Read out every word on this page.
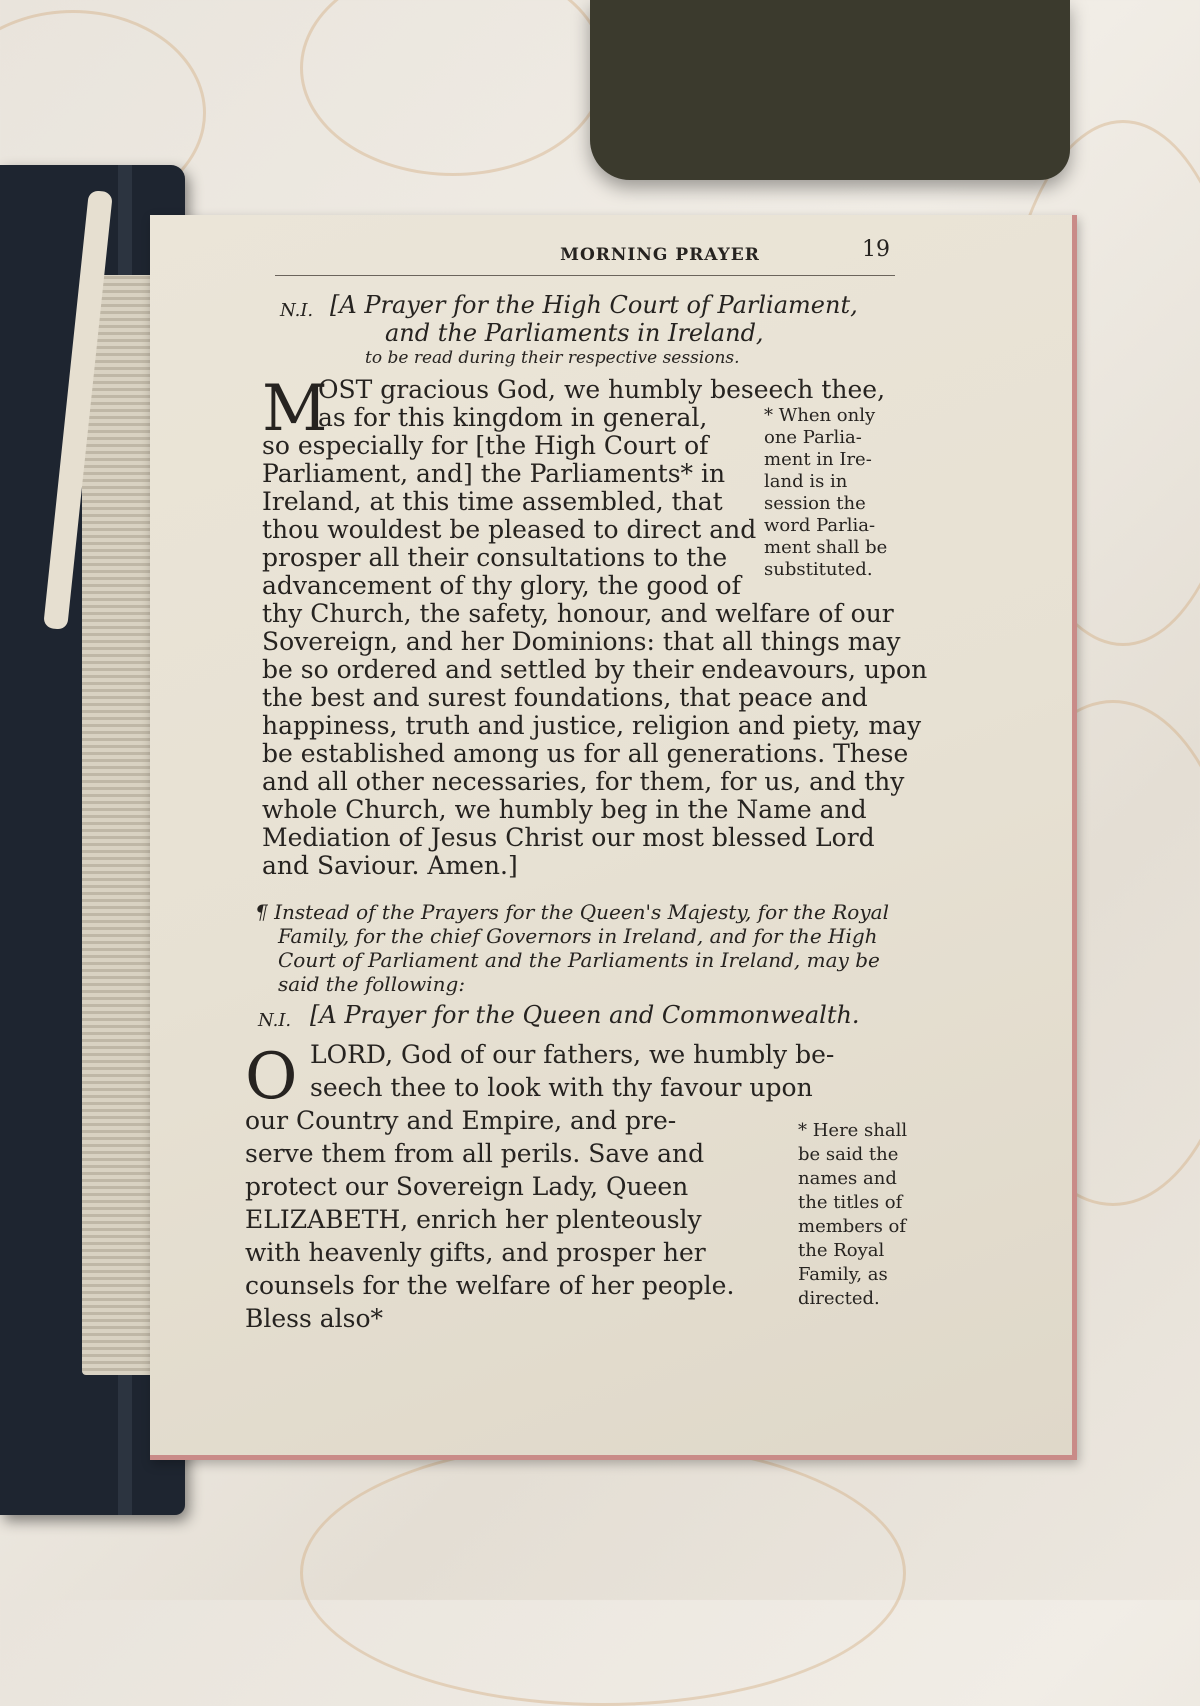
MORNING PRAYER	19
N.I. [A Prayer for the High Court of Parliament,
and the Parliaments in Ireland,
to be read during their respective sessions.
M
OST gracious God, we humbly beseech thee,
as for this kingdom in general,
so especially for [the High Court of
Parliament, and] the Parliaments* in
Ireland, at this time assembled, that
thou wouldest be pleased to direct and
prosper all their consultations to the
advancement of thy glory, the good of
thy Church, the safety, honour, and welfare of our
Sovereign, and her Dominions: that all things may
be so ordered and settled by their endeavours, upon
the best and surest foundations, that peace and
happiness, truth and justice, religion and piety, may
be established among us for all generations. These
and all other necessaries, for them, for us, and thy
whole Church, we humbly beg in the Name and
Mediation of Jesus Christ our most blessed Lord
and Saviour. Amen.]
* When only
one Parlia-
ment in Ire-
land is in
session the
word Parlia-
ment shall be
substituted.
¶ Instead of the Prayers for the Queen's Majesty, for the Royal
Family, for the chief Governors in Ireland, and for the High
Court of Parliament and the Parliaments in Ireland, may be
said the following:
N.I. [A Prayer for the Queen and Commonwealth.
O LORD, God of our fathers, we humbly be-
seech thee to look with thy favour upon
our Country and Empire, and pre-
serve them from all perils. Save and
protect our Sovereign Lady, Queen
ELIZABETH, enrich her plenteously
with heavenly gifts, and prosper her
counsels for the welfare of her people.
Bless also*
* Here shall
be said the
names and
the titles of
members of
the Royal
Family, as
directed.
